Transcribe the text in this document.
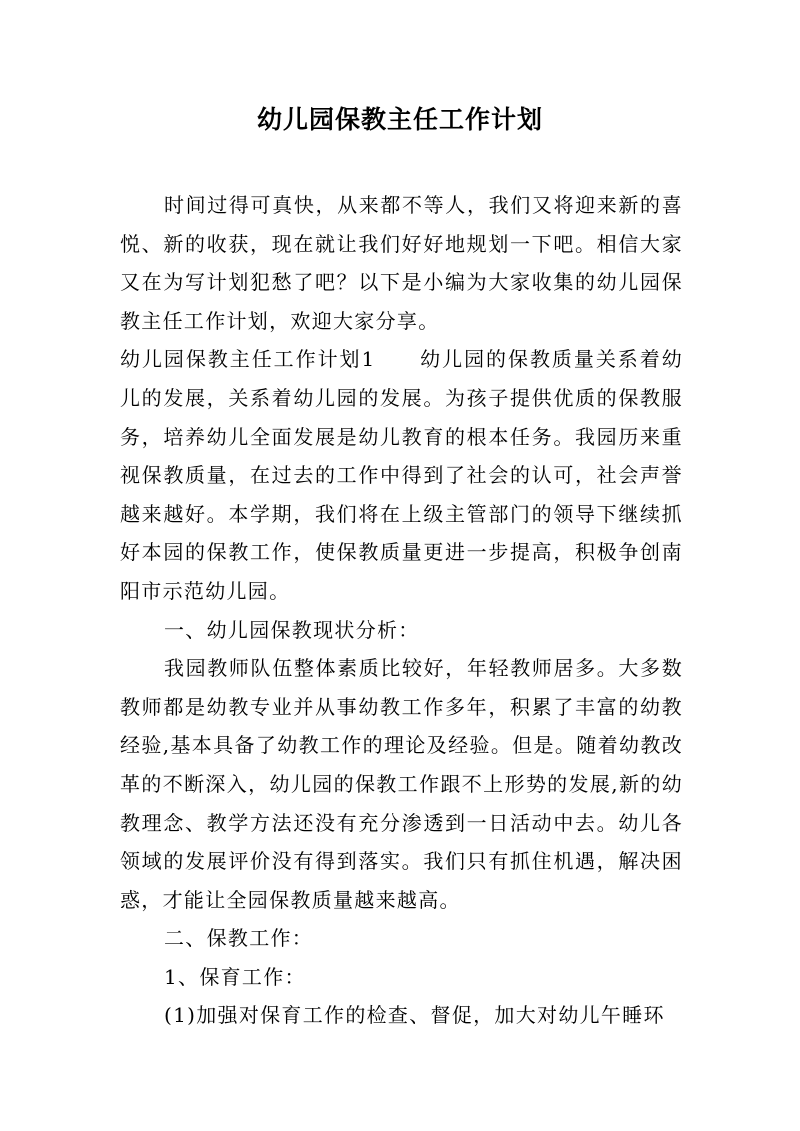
幼儿园保教主任工作计划

时间过得可真快，从来都不等人，我们又将迎来新的喜悦、新的收获，现在就让我们好好地规划一下吧。相信大家又在为写计划犯愁了吧？以下是小编为大家收集的幼儿园保教主任工作计划，欢迎大家分享。

幼儿园保教主任工作计划1 幼儿园的保教质量关系着幼儿的发展，关系着幼儿园的发展。为孩子提供优质的保教服务，培养幼儿全面发展是幼儿教育的根本任务。我园历来重视保教质量，在过去的工作中得到了社会的认可，社会声誉越来越好。本学期，我们将在上级主管部门的领导下继续抓好本园的保教工作，使保教质量更进一步提高，积极争创南阳市示范幼儿园。

一、幼儿园保教现状分析：

我园教师队伍整体素质比较好，年轻教师居多。大多数教师都是幼教专业并从事幼教工作多年，积累了丰富的幼教经验,基本具备了幼教工作的理论及经验。但是。随着幼教改革的不断深入，幼儿园的保教工作跟不上形势的发展,新的幼教理念、教学方法还没有充分渗透到一日活动中去。幼儿各领域的发展评价没有得到落实。我们只有抓住机遇，解决困惑，才能让全园保教质量越来越高。

二、保教工作：

1、保育工作：

(1)加强对保育工作的检查、督促，加大对幼儿午睡环
